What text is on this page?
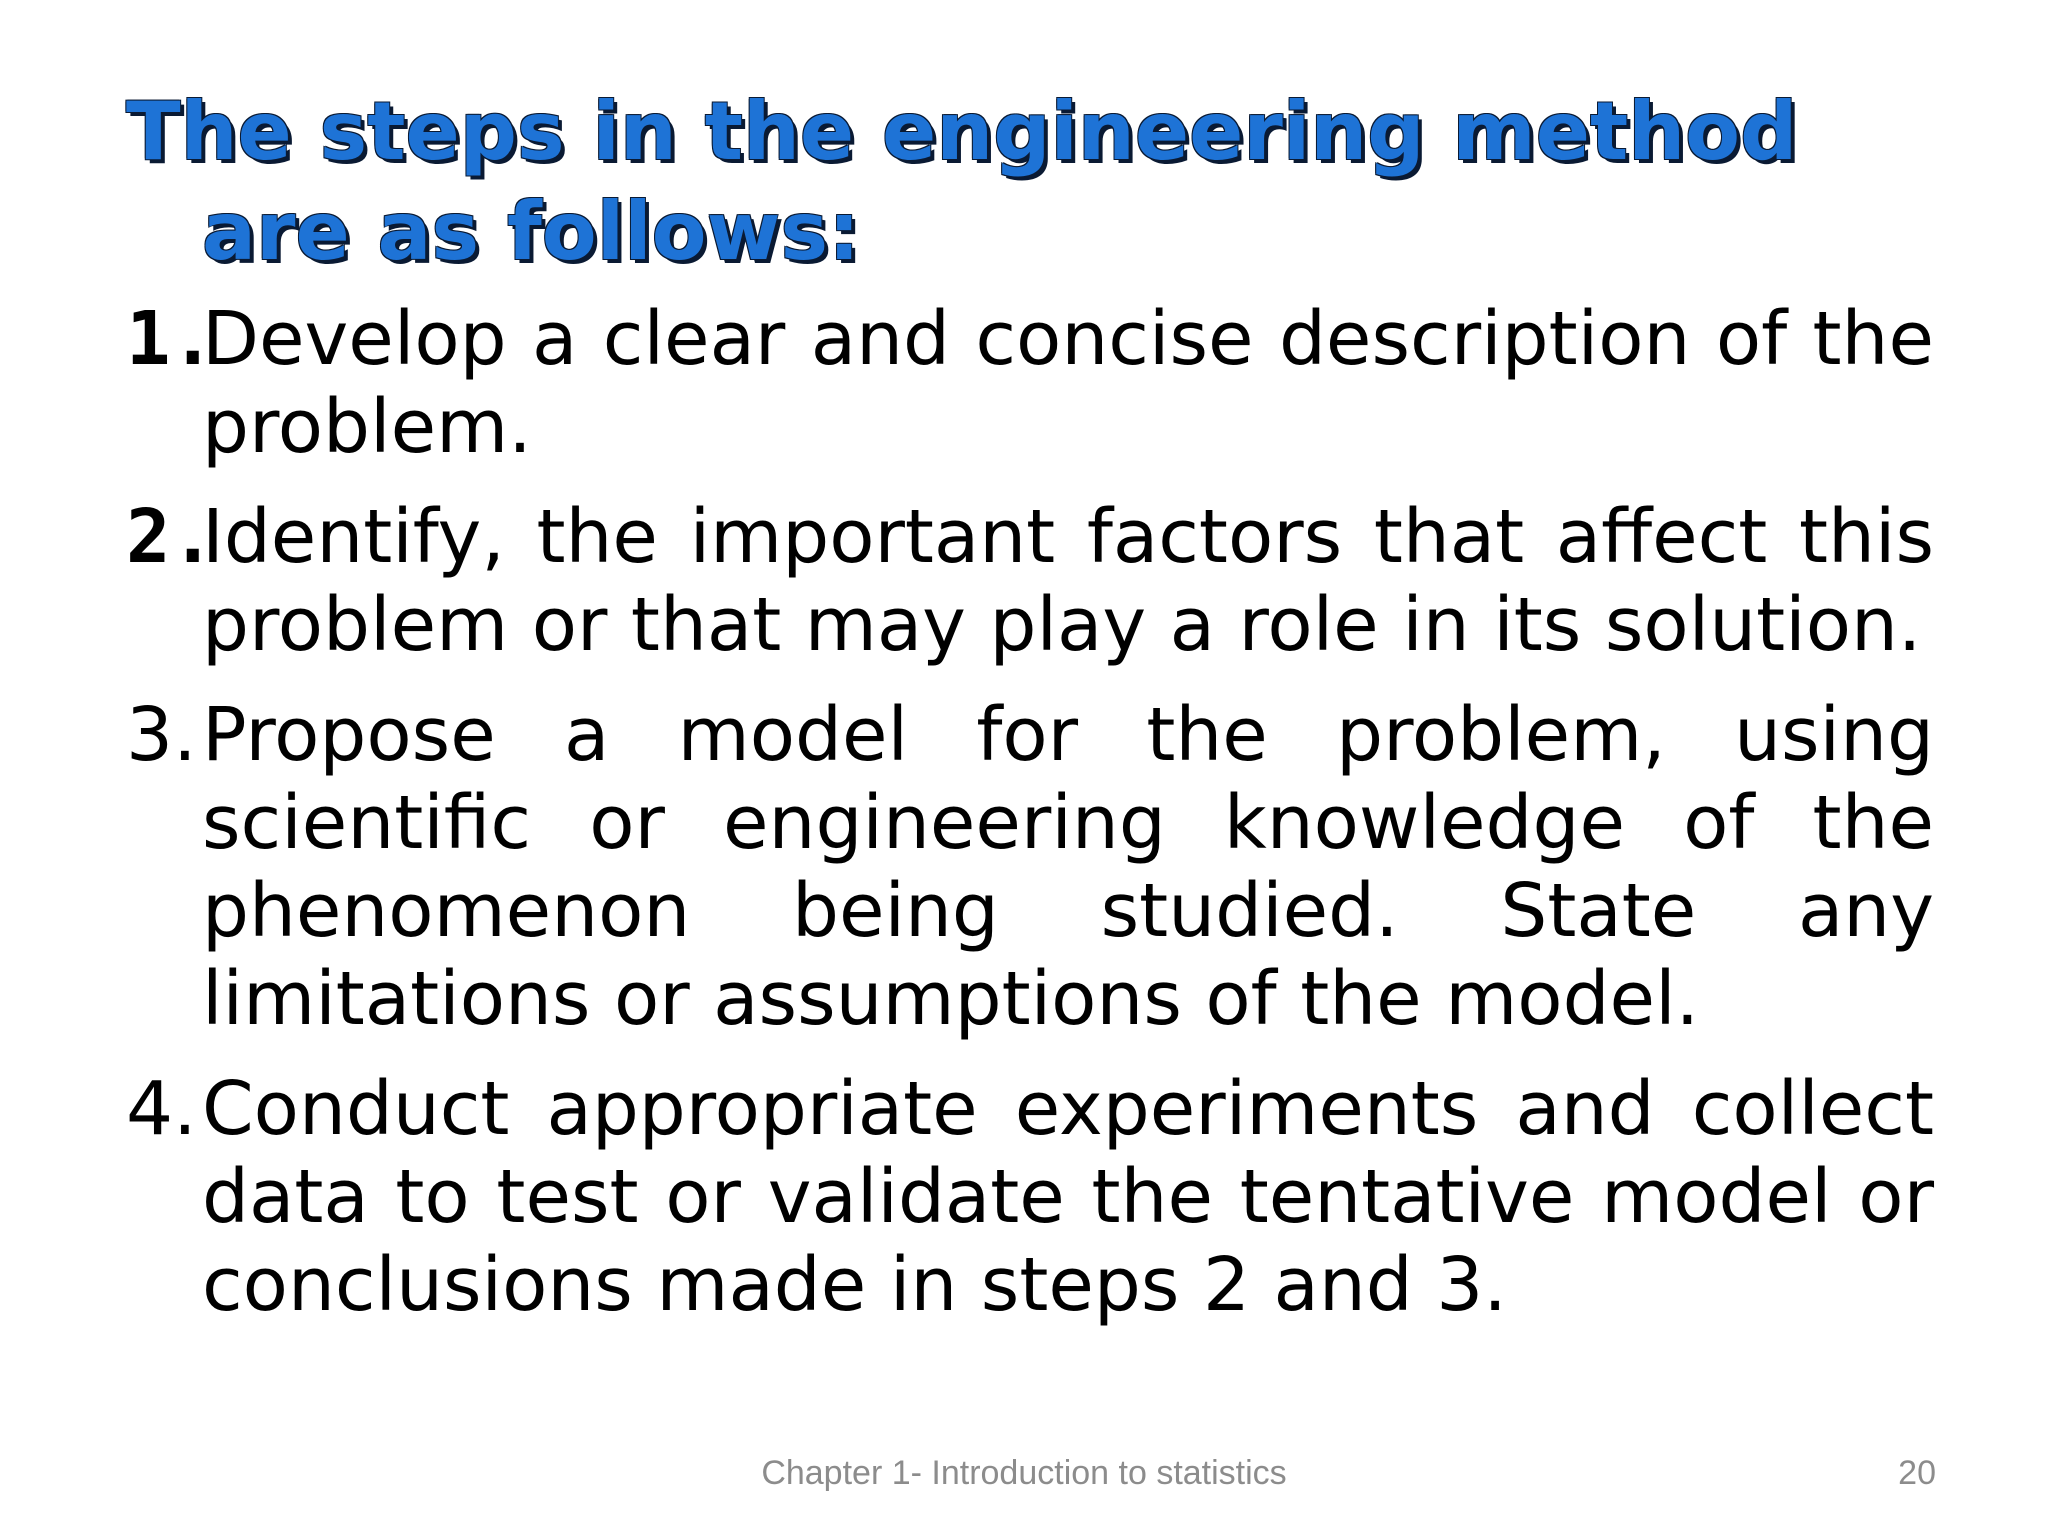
The steps in the engineering method
are as follows:
1.
Develop a clear and concise description of the problem.
2.
Identify, the important factors that affect this problem or that may play a role in its solution.
3. Propose a model for the problem, using scientific or engineering knowledge of the phenomenon being studied. State any limitations or assumptions of the model.
4. Conduct appropriate experiments and collect data to test or validate the tentative model or conclusions made in steps 2 and 3.
Chapter 1- Introduction to statistics	20
